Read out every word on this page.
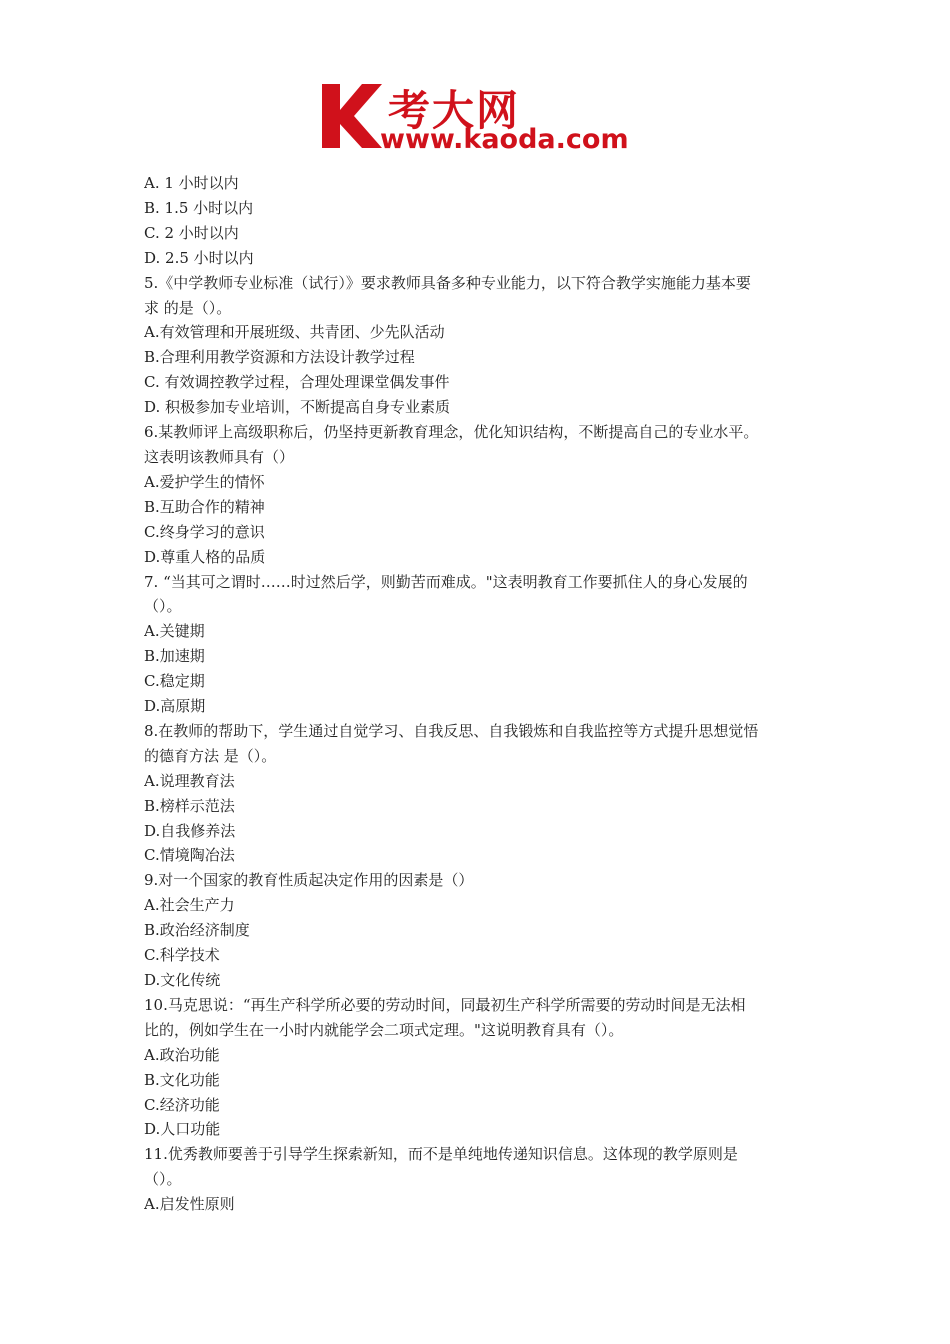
考大网
www.kaoda.com
A. 1 小时以内
B. 1.5 小时以内
C. 2 小时以内
D. 2.5 小时以内
5.《中学教师专业标准（试行）》要求教师具备多种专业能力，以下符合教学实施能力基本要
求 的是（）。
A.有效管理和开展班级、共青团、少先队活动
B.合理利用教学资源和方法设计教学过程
C. 有效调控教学过程，合理处理课堂偶发事件
D. 积极参加专业培训，不断提高自身专业素质
6.某教师评上高级职称后，仍坚持更新教育理念，优化知识结构，不断提高自己的专业水平。
这表明该教师具有（）
A.爱护学生的情怀
B.互助合作的精神
C.终身学习的意识
D.尊重人格的品质
7. “当其可之谓时……时过然后学，则勤苦而难成。"这表明教育工作要抓住人的身心发展的
（）。
A.关键期
B.加速期
C.稳定期
D.高原期
8.在教师的帮助下，学生通过自觉学习、自我反思、自我锻炼和自我监控等方式提升思想觉悟
的德育方法 是（）。
A.说理教育法
B.榜样示范法
D.自我修养法
C.情境陶冶法
9.对一个国家的教育性质起决定作用的因素是（）
A.社会生产力
B.政治经济制度
C.科学技术
D.文化传统
10.马克思说：“再生产科学所必要的劳动时间，同最初生产科学所需要的劳动时间是无法相
比的，例如学生在一小时内就能学会二项式定理。"这说明教育具有（）。
A.政治功能
B.文化功能
C.经济功能
D.人口功能
11.优秀教师要善于引导学生探索新知，而不是单纯地传递知识信息。这体现的教学原则是
（）。
A.启发性原则
